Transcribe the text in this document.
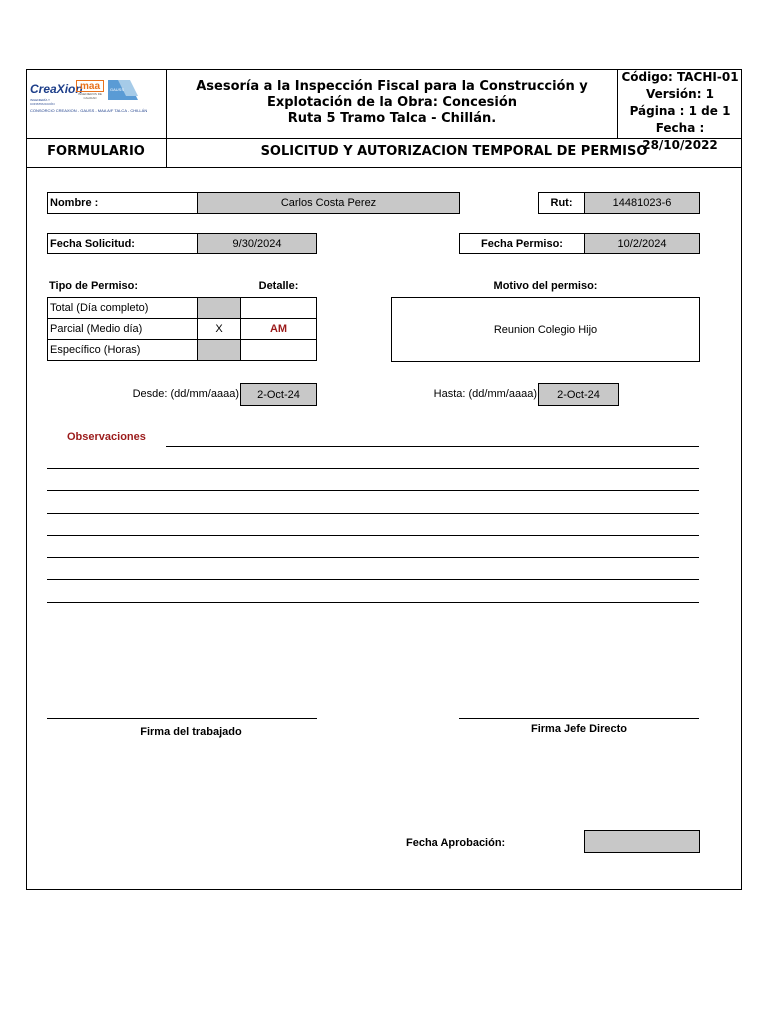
CreaXion
INGENIERÍA Y CONSTRUCCIÓN
maa
INGENIEROS DE CALIDAD
GAUSS
CONSORCIO CREAXION - GAUSS - MAA A/F TALCA - CHILLÁN
Asesoría a la Inspección Fiscal para la Construcción y
Explotación de la Obra: Concesión
Ruta 5 Tramo Talca - Chillán.
Código: TACHI-01
Versión: 1
Página : 1 de 1
Fecha : 28/10/2022
FORMULARIO	SOLICITUD Y AUTORIZACION TEMPORAL DE PERMISO
Nombre :	Carlos Costa Perez	Rut:	14481023-6
Fecha Solicitud:	9/30/2024	Fecha Permiso:	10/2/2024
Tipo de Permiso:	Detalle:	Motivo del permiso:
Total (Día completo)
Parcial (Medio día)	X	AM
Específico (Horas)
Reunion Colegio Hijo
Desde: (dd/mm/aaaa) 2-Oct-24	Hasta: (dd/mm/aaaa) 2-Oct-24
Observaciones
Firma del trabajado	Firma Jefe Directo
Fecha Aprobación:
